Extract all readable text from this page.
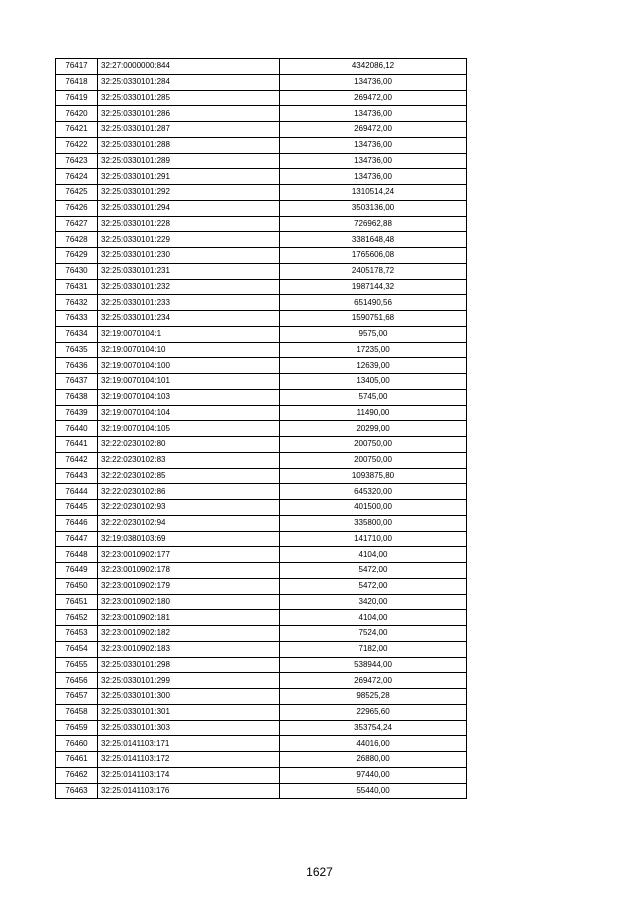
76417	32:27:0000000:844	4342086,12
76418	32:25:0330101:284	134736,00
76419	32:25:0330101:285	269472,00
76420	32:25:0330101:286	134736,00
76421	32:25:0330101:287	269472,00
76422	32:25:0330101:288	134736,00
76423	32:25:0330101:289	134736,00
76424	32:25:0330101:291	134736,00
76425	32:25:0330101:292	1310514,24
76426	32:25:0330101:294	3503136,00
76427	32:25:0330101:228	726962,88
76428	32:25:0330101:229	3381648,48
76429	32:25:0330101:230	1765606,08
76430	32:25:0330101:231	2405178,72
76431	32:25:0330101:232	1987144,32
76432	32:25:0330101:233	651490,56
76433	32:25:0330101:234	1590751,68
76434	32:19:0070104:1	9575,00
76435	32:19:0070104:10	17235,00
76436	32:19:0070104:100	12639,00
76437	32:19:0070104:101	13405,00
76438	32:19:0070104:103	5745,00
76439	32:19:0070104:104	11490,00
76440	32:19:0070104:105	20299,00
76441	32:22:0230102:80	200750,00
76442	32:22:0230102:83	200750,00
76443	32:22:0230102:85	1093875,80
76444	32:22:0230102:86	645320,00
76445	32:22:0230102:93	401500,00
76446	32:22:0230102:94	335800,00
76447	32:19:0380103:69	141710,00
76448	32:23:0010902:177	4104,00
76449	32:23:0010902:178	5472,00
76450	32:23:0010902:179	5472,00
76451	32:23:0010902:180	3420,00
76452	32:23:0010902:181	4104,00
76453	32:23:0010902:182	7524,00
76454	32:23:0010902:183	7182,00
76455	32:25:0330101:298	538944,00
76456	32:25:0330101:299	269472,00
76457	32:25:0330101:300	98525,28
76458	32:25:0330101:301	22965,60
76459	32:25:0330101:303	353754,24
76460	32:25:0141103:171	44016,00
76461	32:25:0141103:172	26880,00
76462	32:25:0141103:174	97440,00
76463	32:25:0141103:176	55440,00
1627
